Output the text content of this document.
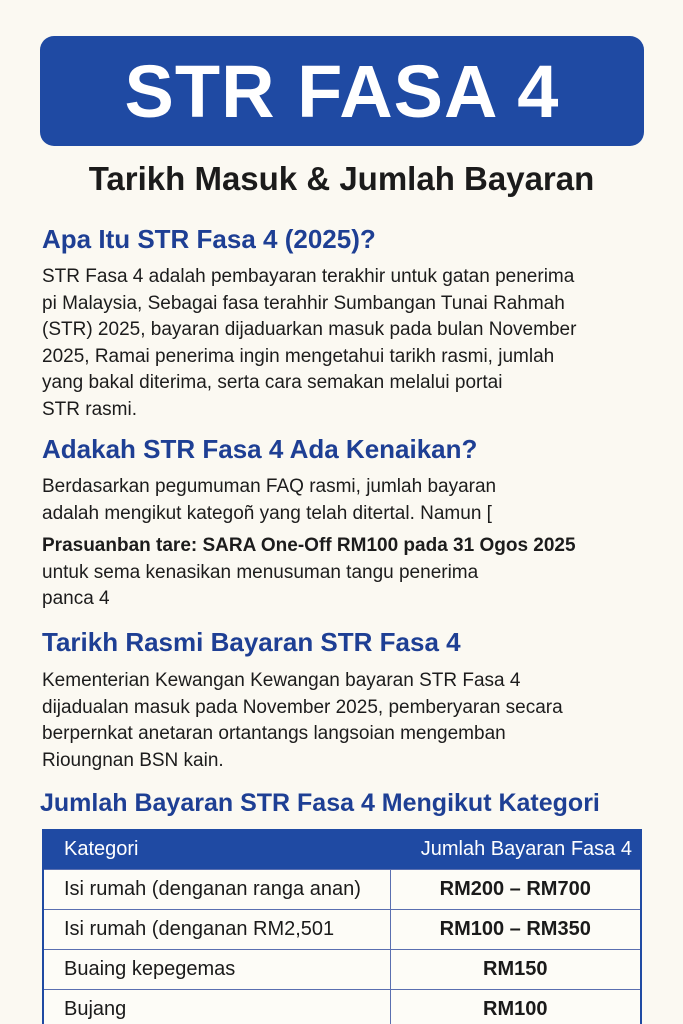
STR FASA 4
Tarikh Masuk & Jumlah Bayaran
Apa Itu STR Fasa 4 (2025)?
STR Fasa 4 adalah pembayaran terakhir untuk gatan penerima
pi Malaysia, Sebagai fasa terahhir Sumbangan Tunai Rahmah
(STR) 2025, bayaran dijaduarkan masuk pada bulan November
2025, Ramai penerima ingin mengetahui tarikh rasmi, jumlah
yang bakal diterima, serta cara semakan melalui portai
STR rasmi.
Adakah STR Fasa 4 Ada Kenaikan?
Berdasarkan pegumuman FAQ rasmi, jumlah bayaran
adalah mengikut kategoñ yang telah ditertal. Namun [
Prasuanban tare: SARA One-Off RM100 pada 31 Ogos 2025
untuk sema kenasikan menusuman tangu penerima
panca 4
Tarikh Rasmi Bayaran STR Fasa 4
Kementerian Kewangan Kewangan bayaran STR Fasa 4
dijadualan masuk pada November 2025, pemberyaran secara
berpernkat anetaran ortantangs langsoian mengemban
Rioungnan BSN kain.
Jumlah Bayaran STR Fasa 4 Mengikut Kategori
Kategori	Jumlah Bayaran Fasa 4
Isi rumah (denganan ranga anan)	RM200 – RM700
Isi rumah (denganan RM2,501	RM100 – RM350
Buaing kepegemas	RM150
Bujang	RM100
